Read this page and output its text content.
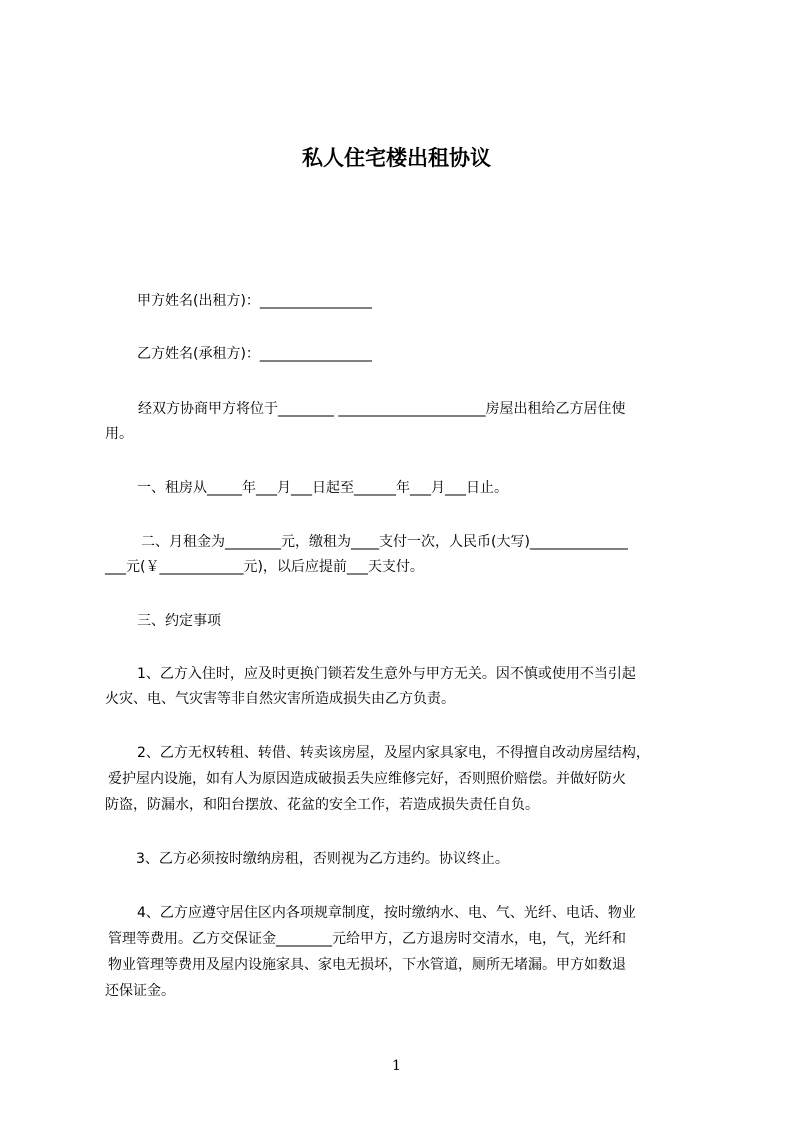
私人住宅楼出租协议
甲方姓名(出租方)：________________
乙方姓名(承租方)：________________
经双方协商甲方将位于________ _____________________房屋出租给乙方居住使
用。
一、租房从_____年___月___日起至______年___月___日止。
二、月租金为________元，缴租为____支付一次，人民币(大写)______________
___元(￥____________元)，以后应提前___天支付。
三、约定事项
1、乙方入住时，应及时更换门锁若发生意外与甲方无关。因不慎或使用不当引起
火灾、电、气灾害等非自然灾害所造成损失由乙方负责。
2、乙方无权转租、转借、转卖该房屋，及屋内家具家电，不得擅自改动房屋结构，
爱护屋内设施，如有人为原因造成破损丢失应维修完好，否则照价赔偿。并做好防火
防盗，防漏水，和阳台摆放、花盆的安全工作，若造成损失责任自负。
3、乙方必须按时缴纳房租，否则视为乙方违约。协议终止。
4、乙方应遵守居住区内各项规章制度，按时缴纳水、电、气、光纤、电话、物业
管理等费用。乙方交保证金________元给甲方，乙方退房时交清水，电，气，光纤和
物业管理等费用及屋内设施家具、家电无损坏，下水管道，厕所无堵漏。甲方如数退
还保证金。
1
